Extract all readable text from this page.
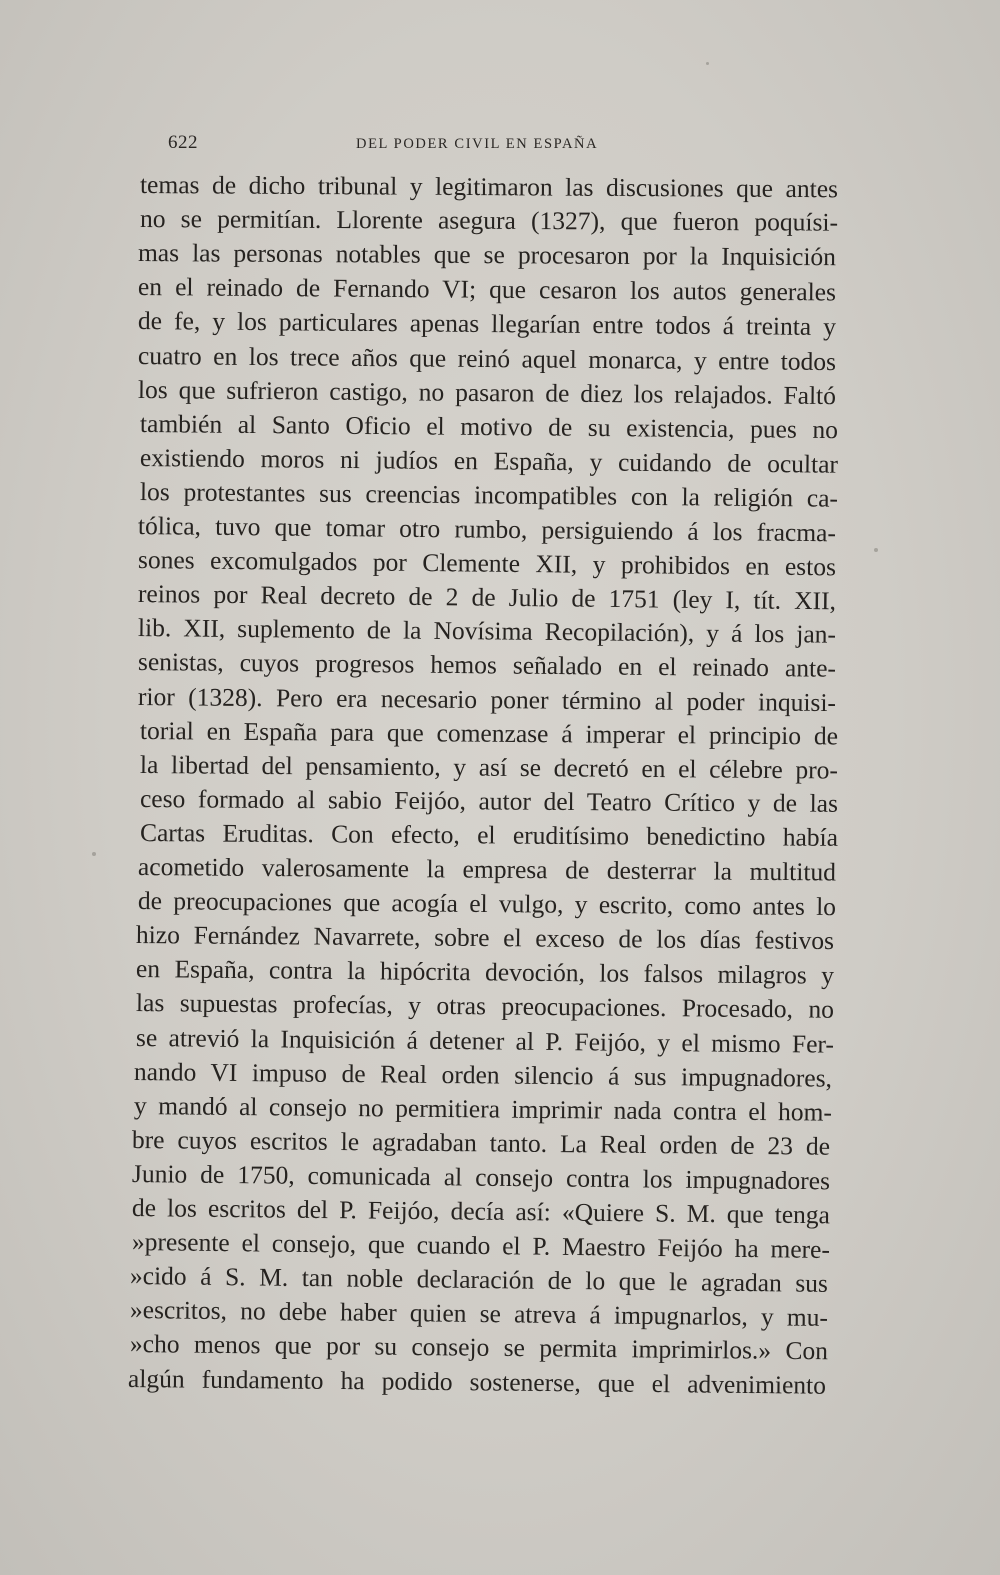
622	DEL PODER CIVIL EN ESPAÑA
temas de dicho tribunal y legitimaron las discusiones que antes
no se permitían. Llorente asegura (1327), que fueron poquísi-
mas las personas notables que se procesaron por la Inquisición
en el reinado de Fernando VI; que cesaron los autos generales
de fe, y los particulares apenas llegarían entre todos á treinta y
cuatro en los trece años que reinó aquel monarca, y entre todos
los que sufrieron castigo, no pasaron de diez los relajados. Faltó
también al Santo Oficio el motivo de su existencia, pues no
existiendo moros ni judíos en España, y cuidando de ocultar
los protestantes sus creencias incompatibles con la religión ca-
tólica, tuvo que tomar otro rumbo, persiguiendo á los fracma-
sones excomulgados por Clemente XII, y prohibidos en estos
reinos por Real decreto de 2 de Julio de 1751 (ley I, tít. XII,
lib. XII, suplemento de la Novísima Recopilación), y á los jan-
senistas, cuyos progresos hemos señalado en el reinado ante-
rior (1328). Pero era necesario poner término al poder inquisi-
torial en España para que comenzase á imperar el principio de
la libertad del pensamiento, y así se decretó en el célebre pro-
ceso formado al sabio Feijóo, autor del Teatro Crítico y de las
Cartas Eruditas. Con efecto, el eruditísimo benedictino había
acometido valerosamente la empresa de desterrar la multitud
de preocupaciones que acogía el vulgo, y escrito, como antes lo
hizo Fernández Navarrete, sobre el exceso de los días festivos
en España, contra la hipócrita devoción, los falsos milagros y
las supuestas profecías, y otras preocupaciones. Procesado, no
se atrevió la Inquisición á detener al P. Feijóo, y el mismo Fer-
nando VI impuso de Real orden silencio á sus impugnadores,
y mandó al consejo no permitiera imprimir nada contra el hom-
bre cuyos escritos le agradaban tanto. La Real orden de 23 de
Junio de 1750, comunicada al consejo contra los impugnadores
de los escritos del P. Feijóo, decía así: «Quiere S. M. que tenga
»presente el consejo, que cuando el P. Maestro Feijóo ha mere-
»cido á S. M. tan noble declaración de lo que le agradan sus
»escritos, no debe haber quien se atreva á impugnarlos, y mu-
»cho menos que por su consejo se permita imprimirlos.» Con
algún fundamento ha podido sostenerse, que el advenimiento
